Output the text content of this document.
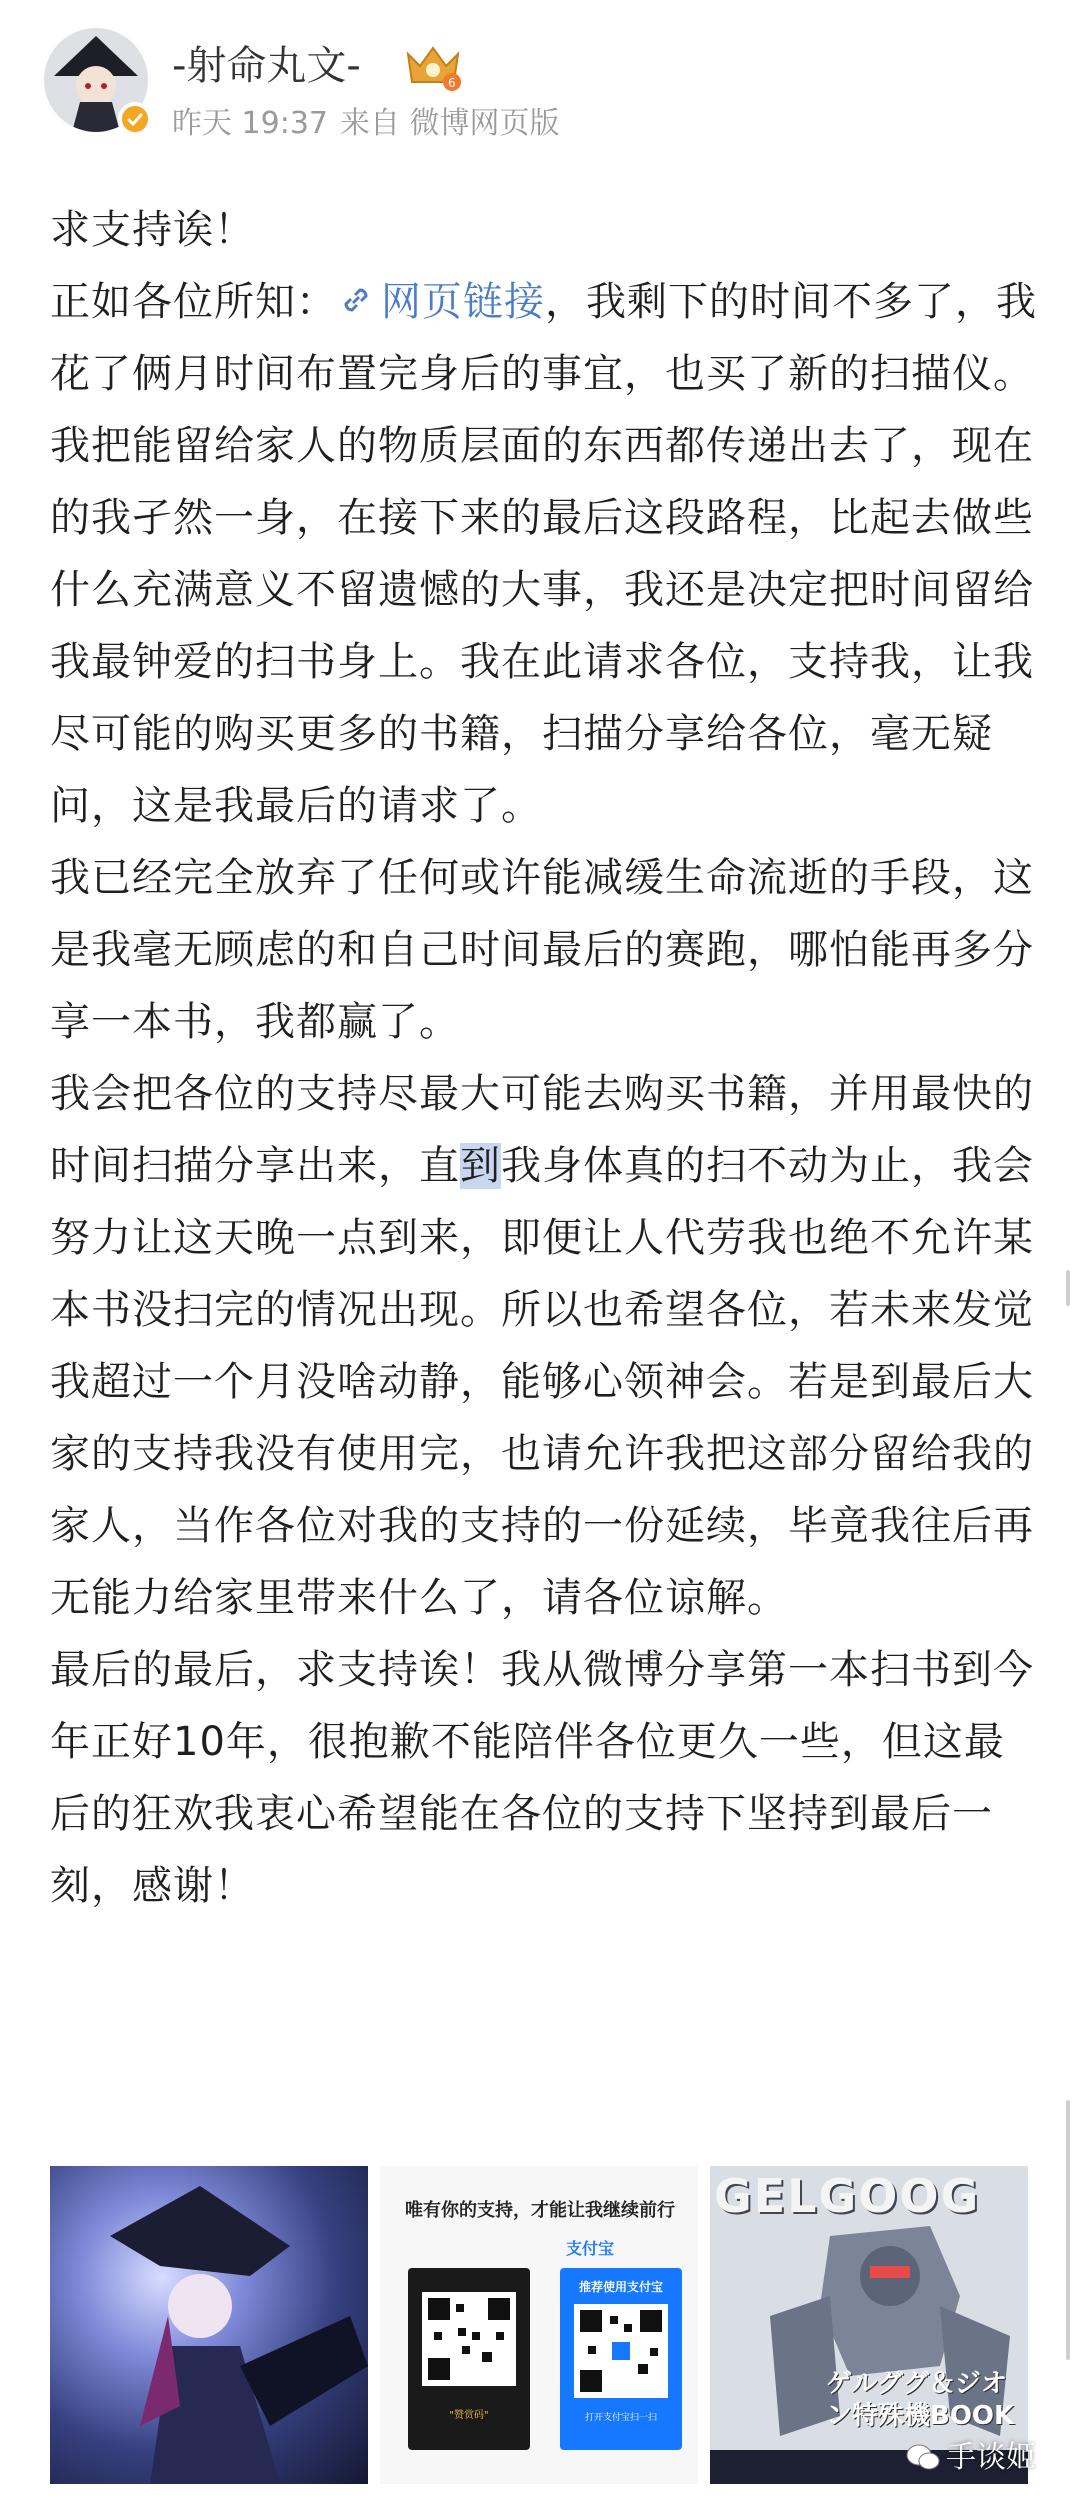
-射命丸文-	6
昨天 19:37 来自 微博网页版

求支持诶！

正如各位所知： 网页链接，我剩下的时间不多了，我花了俩月时间布置完身后的事宜，也买了新的扫描仪。我把能留给家人的物质层面的东西都传递出去了，现在的我孑然一身，在接下来的最后这段路程，比起去做些什么充满意义不留遗憾的大事，我还是决定把时间留给我最钟爱的扫书身上。我在此请求各位，支持我，让我尽可能的购买更多的书籍，扫描分享给各位，毫无疑问，这是我最后的请求了。

我已经完全放弃了任何或许能减缓生命流逝的手段，这是我毫无顾虑的和自己时间最后的赛跑，哪怕能再多分享一本书，我都赢了。

我会把各位的支持尽最大可能去购买书籍，并用最快的时间扫描分享出来，直到我身体真的扫不动为止，我会努力让这天晚一点到来，即便让人代劳我也绝不允许某本书没扫完的情况出现。所以也希望各位，若未来发觉我超过一个月没啥动静，能够心领神会。若是到最后大家的支持我没有使用完，也请允许我把这部分留给我的家人，当作各位对我的支持的一份延续，毕竟我往后再无能力给家里带来什么了，请各位谅解。

最后的最后，求支持诶！我从微博分享第一本扫书到今年正好10年，很抱歉不能陪伴各位更久一些，但这最后的狂欢我衷心希望能在各位的支持下坚持到最后一刻，感谢！

唯有你的支持，才能让我继续前行
支付宝
"赞赏码"
推荐使用支付宝
打开支付宝扫一扫
GELGOOG
ゲルググ＆ジオン特殊機BOOK
手谈姬
